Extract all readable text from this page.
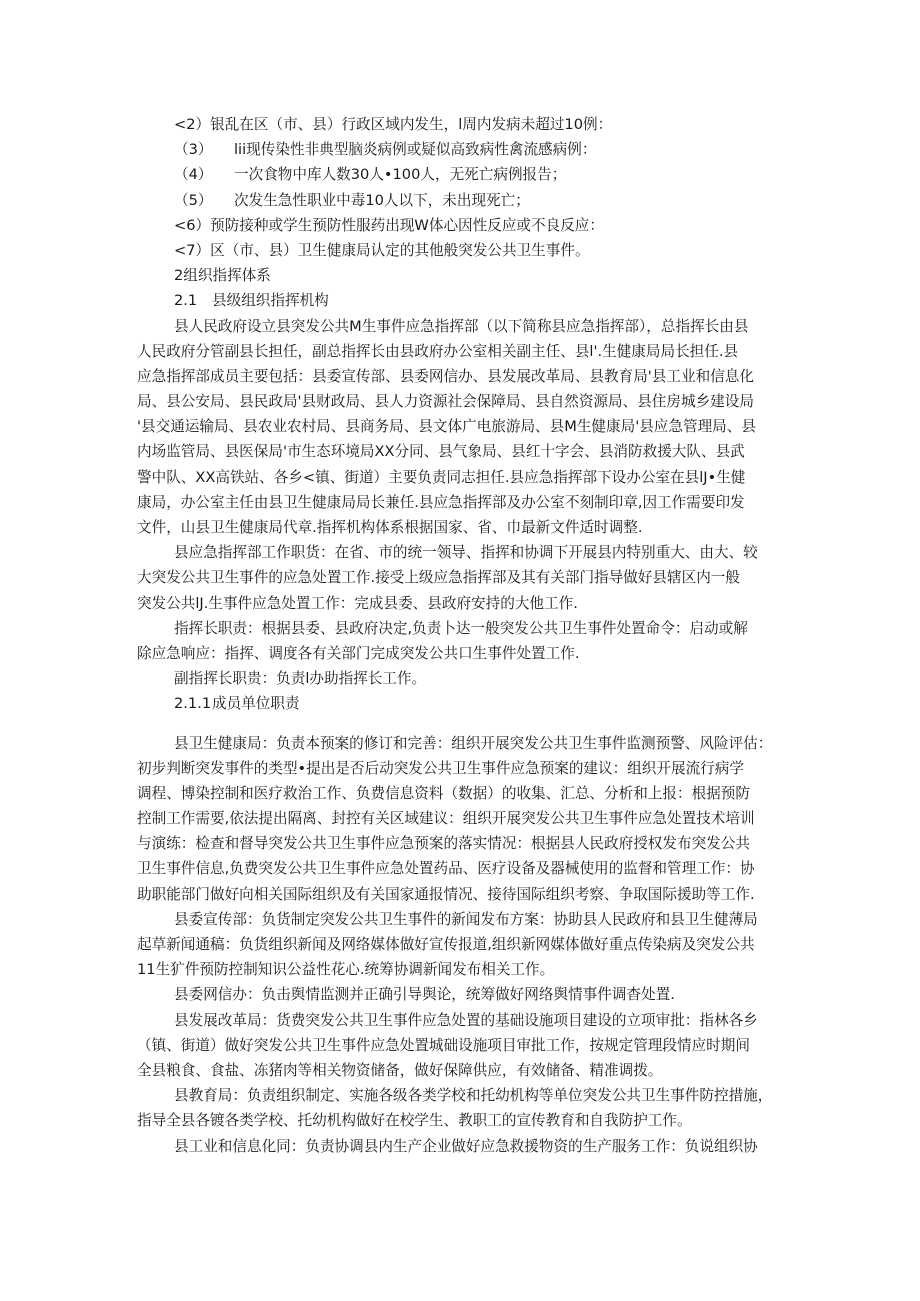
<2）银乱在区（市、县）行政区域内发生，l周内发病未超过10例：
（3） lii现传染性非典型脑炎病例或疑似高致病性禽流感病例：
（4） 一次食物中库人数30人•100人，无死亡病例报告；
（5） 次发生急性职业中毒10人以下，未出现死亡；
<6）预防接种或学生预防性服药出现W体心因性反应或不良反应：
<7）区（市、县）卫生健康局认定的其他般突发公共卫生事件。
2组织指挥体系
2.1 县级组织指挥机构
县人民政府设立县突发公共M生事件应急指挥部（以下简称县应急指挥部），总指挥长由县
人民政府分管副县长担任，副总指挥长由县政府办公室相关副主任、县l'.生健康局局长担任.县
应急指挥部成员主要包括：县委宣传部、县委网信办、县发展改革局、县教育局'县工业和信息化
局、县公安局、县民政局'县财政局、县人力资源社会保障局、县自然资源局、县住房城乡建设局
'县交通运输局、县农业农村局、县商务局、县文体广电旅游局、县M生健康局'县应急管理局、县
内场监管局、县医保局'市生态环境局XX分同、县气象局、县红十字会、县消防救援大队、县武
警中队、XX高铁站、各乡<镇、街道）主要负责同志担任.县应急指挥部下设办公室在县lJ•生健
康局，办公室主任由县卫生健康局局长兼任.县应急指挥部及办公室不刻制印章,因工作需要印发
文件，山县卫生健康局代章.指挥机构体系根据国家、省、巾最新文件适时调整.
县应急指挥部工作职货：在省、市的统一领导、指挥和协调下开展县内特别重大、由大、较
大突发公共卫生事件的应急处置工作.接受上级应急指挥部及其有关部门指导做好县辖区内一般
突发公共lJ.生事件应急处置工作：完成县委、县政府安持的大他工作.
指挥长职责：根据县委、县政府决定,负责卜达一般突发公共卫生事件处置命令：启动或解
除应急响应：指挥、调度各有关部门完成突发公共口生事件处置工作.
副指挥长职贵：负责l办助指挥长工作。
2.1.1成员单位职责
县卫生健康局：负责本预案的修订和完善：组织开展突发公共卫生事件监测预警、风险评估：
初步判断突发事件的类型•提出是否后动突发公共卫生事件应急预案的建议：组织开展流行病学
调程、博染控制和医疗救治工作、负费信息资料（数据）的收集、汇总、分析和上报：根据预防
控制工作需要,依法提出隔离、封控有关区域建议：组织开展突发公共卫生事件应急处置技术培训
与演练：检查和督导突发公共卫生事件应急预案的落实情况：根据县人民政府授权发布突发公共
卫生事件信息,负费突发公共卫生事件应急处置药品、医疗设备及器械使用的监督和管理工作：协
助职能部门做好向相关国际组织及有关国家通报情况、接待国际组织考察、争取国际援助等工作.
县委宣传部：负货制定突发公共卫生事件的新闻发布方案：协助县人民政府和县卫生健薄局
起草新闻通稿：负货组织新闻及网络媒体做好宣传报道,组织新网媒体做好重点传染病及突发公共
11生犷件预防控制知识公益性花心.统筹协调新闻发布相关工作。
县委网信办：负击舆情监测并正确引导舆论，统筹做好网络舆情事件调杳处置.
县发展改革局：货费突发公共卫生事件应急处置的基础设施项目建设的立项审批：指林各乡
（镇、街道）做好突发公共卫生事件应急处置城础设施项目审批工作，按规定管理段情应时期间
全县粮食、食盐、冻猪肉等相关物资储备，做好保障供应，有效储备、精准调拨。
县教育局：负责组织制定、实施各级各类学校和托幼机构等单位突发公共卫生事件防控措施，
指导全县各镀各类学校、托幼机构做好在校学生、教职工的宣传教育和自我防护工作。
县工业和信息化同：负责协调县内生产企业做好应急救援物资的生产服务工作：负说组织协
